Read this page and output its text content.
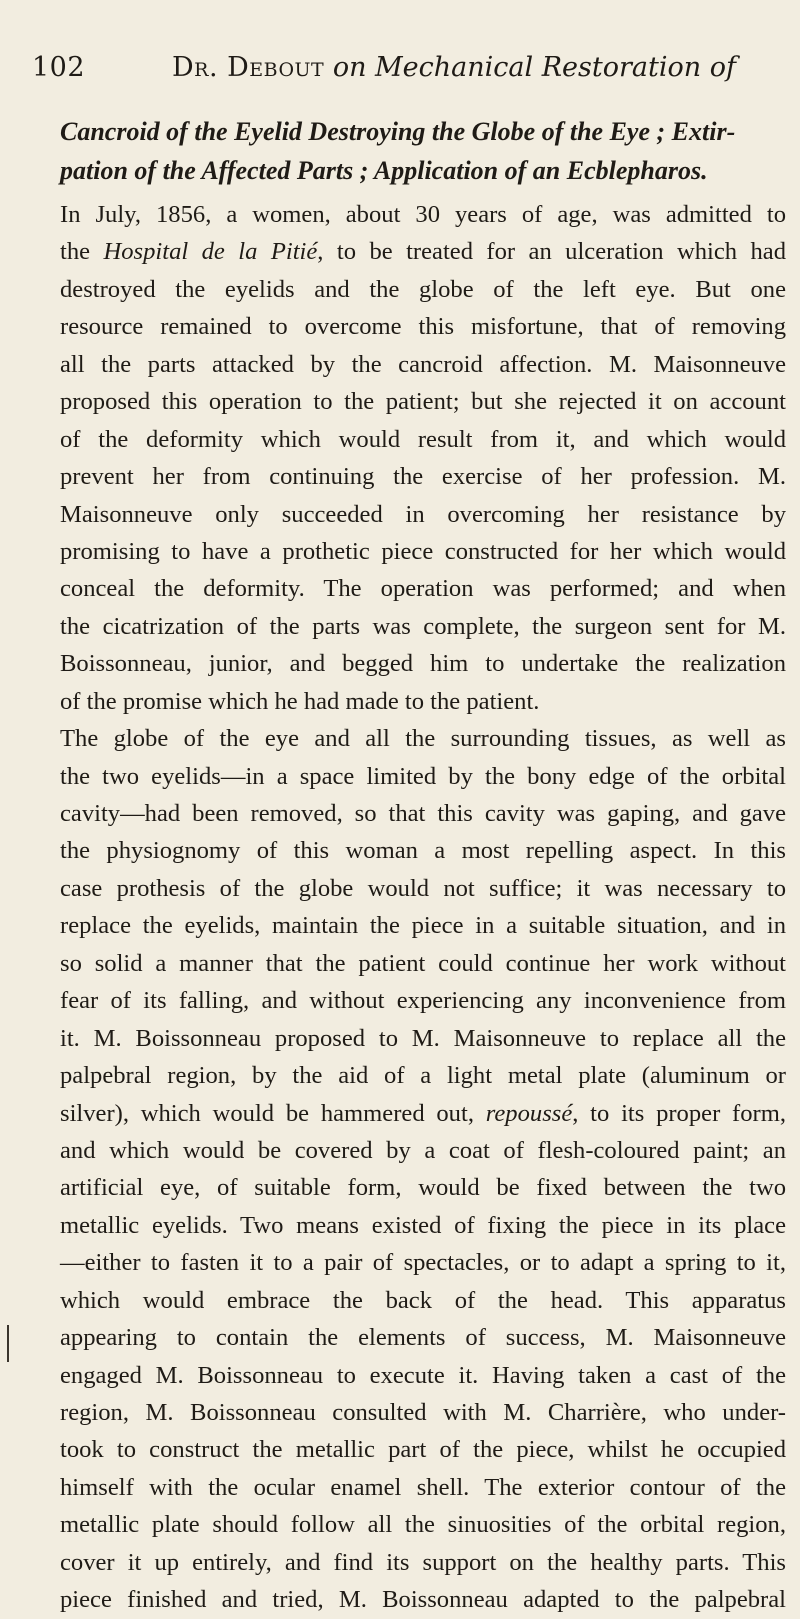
102	Dr. Debout on Mechanical Restoration of
Cancroid of the Eyelid Destroying the Globe of the Eye ; Extir-
pation of the Affected Parts ; Application of an Ecblepharos.
In July, 1856, a women, about 30 years of age, was admitted to
the Hospital de la Pitié, to be treated for an ulceration which had
destroyed the eyelids and the globe of the left eye. But one
resource remained to overcome this misfortune, that of removing
all the parts attacked by the cancroid affection. M. Maisonneuve
proposed this operation to the patient; but she rejected it on account
of the deformity which would result from it, and which would
prevent her from continuing the exercise of her profession. M.
Maisonneuve only succeeded in overcoming her resistance by
promising to have a prothetic piece constructed for her which would
conceal the deformity. The operation was performed; and when
the cicatrization of the parts was complete, the surgeon sent for M.
Boissonneau, junior, and begged him to undertake the realization
of the promise which he had made to the patient.
The globe of the eye and all the surrounding tissues, as well as
the two eyelids—in a space limited by the bony edge of the orbital
cavity—had been removed, so that this cavity was gaping, and gave
the physiognomy of this woman a most repelling aspect. In this
case prothesis of the globe would not suffice; it was necessary to
replace the eyelids, maintain the piece in a suitable situation, and in
so solid a manner that the patient could continue her work without
fear of its falling, and without experiencing any inconvenience from
it. M. Boissonneau proposed to M. Maisonneuve to replace all the
palpebral region, by the aid of a light metal plate (aluminum or
silver), which would be hammered out, repoussé, to its proper form,
and which would be covered by a coat of flesh-coloured paint; an
artificial eye, of suitable form, would be fixed between the two
metallic eyelids. Two means existed of fixing the piece in its place
—either to fasten it to a pair of spectacles, or to adapt a spring to it,
which would embrace the back of the head. This apparatus
appearing to contain the elements of success, M. Maisonneuve
engaged M. Boissonneau to execute it. Having taken a cast of the
region, M. Boissonneau consulted with M. Charrière, who under-
took to construct the metallic part of the piece, whilst he occupied
himself with the ocular enamel shell. The exterior contour of the
metallic plate should follow all the sinuosities of the orbital region,
cover it up entirely, and find its support on the healthy parts. This
piece finished and tried, M. Boissonneau adapted to the palpebral
